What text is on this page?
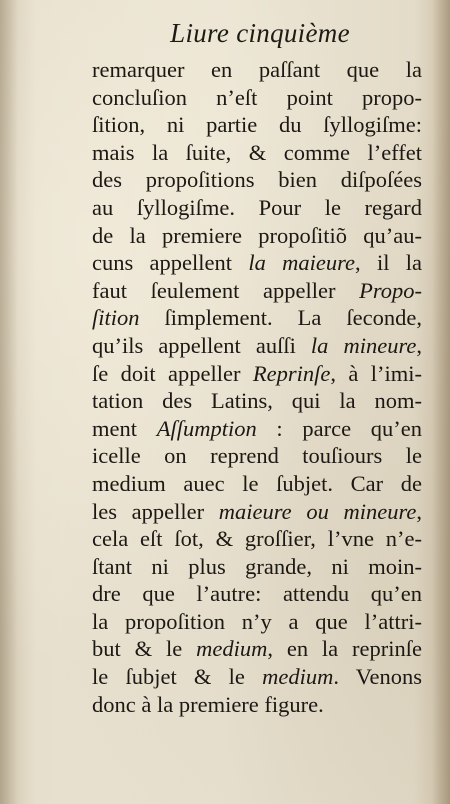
Liure cinquième
remarquer en paſſant que la
concluſion n’eſt point propo-
ſition, ni partie du ſyllogiſme:
mais la ſuite, & comme l’effet
des propoſitions bien diſpoſées
au ſyllogiſme. Pour le regard
de la premiere propoſitiõ qu’au-
cuns appellent la maieure, il la
faut ſeulement appeller Propo-
ſition ſimplement. La ſeconde,
qu’ils appellent auſſi la mineure,
ſe doit appeller Reprinſe, à l’imi-
tation des Latins, qui la nom-
ment Aſſumption : parce qu’en
icelle on reprend touſiours le
medium auec le ſubjet. Car de
les appeller maieure ou mineure,
cela eſt ſot, & groſſier, l’vne n’e-
ſtant ni plus grande, ni moin-
dre que l’autre: attendu qu’en
la propoſition n’y a que l’attri-
but & le medium, en la reprinſe
le ſubjet & le medium. Venons
donc à la premiere figure.
